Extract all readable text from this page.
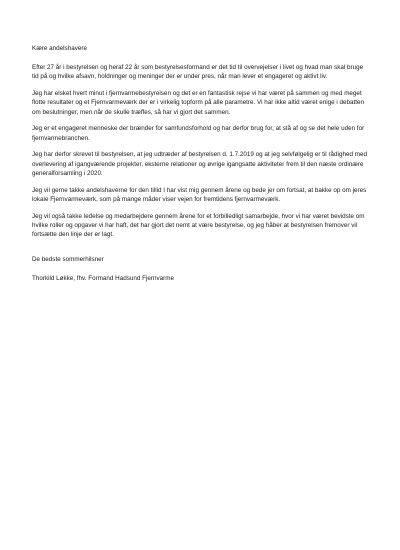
Kære andelshavere

Efter 27 år i bestyrelsen og heraf 22 år som bestyrelsesformand er det tid til overvejelser i livet og hvad man skal bruge tid på og hvilke afsavn, holdninger og meninger der er under pres, når man lever et engageret og aktivt liv.

Jeg har elsket hvert minut i fjernvarmebestyrelsen og det er en fantastisk rejse vi har været på sammen og med meget flotte resultater og et Fjernvarmeværk der er i virkelig topform på alle parametre. Vi har ikke altid været enige i debatten om beslutninger, men når de skulle træffes, så har vi gjort det sammen.

Jeg er et engageret menneske der brænder for samfundsforhold og har derfor brug for, at stå af og se det hele uden for fjernvarmebranchen.

Jeg har derfor skrevet til bestyrelsen, at jeg udtræder af bestyrelsen d. 1.7.2019 og at jeg selvfølgelig er til rådighed med overlevering af igangværende projekter, eksterne relationer og øvrige igangsatte aktiviteter frem til den næste ordinære generalforsamling i 2020.

Jeg vil gerne takke andelshaverne for den tillid I har vist mig gennem årene og bede jer om fortsat, at bakke op om jeres lokale Fjernvarmeværk, som på mange måder viser vejen for fremtidens fjernvarmeværk.

Jeg vil også takke ledelse og medarbejdere gennem årene for et forbilledligt samarbejde, hvor vi har været bevidste om hvilke roller og opgaver vi har haft, det har gjort det nemt at være bestyrelse, og jeg håber at bestyrelsen fremover vil fortsætte den linje der er lagt.

De bedste sommerhilsner

Thorkild Løkke, fhv. Formand Hadsund Fjernvarme
